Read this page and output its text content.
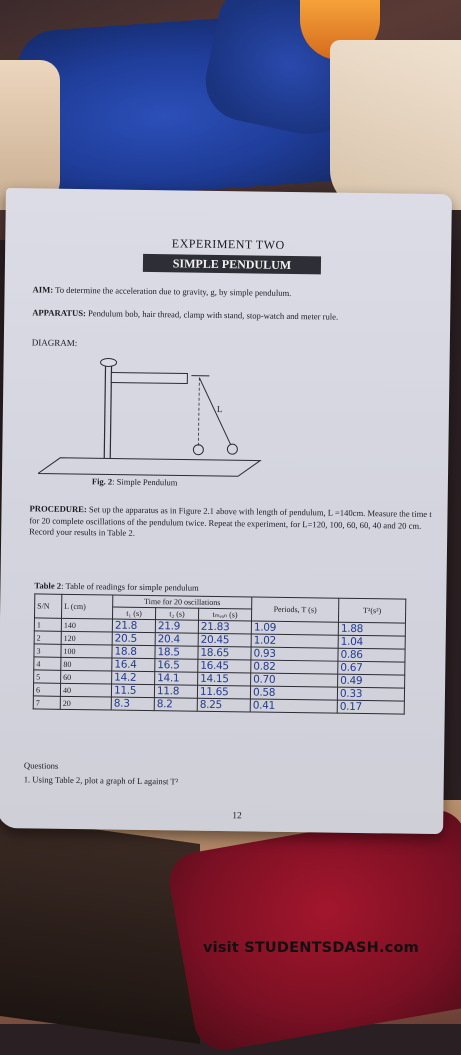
EXPERIMENT TWO
SIMPLE PENDULUM
AIM: To determine the acceleration due to gravity, g, by simple pendulum.
APPARATUS: Pendulum bob, hair thread, clamp with stand, stop-watch and meter rule.
DIAGRAM:
L
Fig. 2: Simple Pendulum
PROCEDURE: Set up the apparatus as in Figure 2.1 above with length of pendulum, L =140cm. Measure the time t for 20 complete oscillations of the pendulum twice. Repeat the experiment, for L=120, 100, 60, 60, 40 and 20 cm. Record your results in Table 2.
Table 2: Table of readings for simple pendulum
S/N	L (cm)	Time for 20 oscillations			Periods, T (s)	T²(s²)
		t₁ (s)	t₂ (s)	tₘₑₐₙ (s)		
1	140	21.8	21.9	21.83	1.09	1.88
2	120	20.5	20.4	20.45	1.02	1.04
3	100	18.8	18.5	18.65	0.93	0.86
4	80	16.4	16.5	16.45	0.82	0.67
5	60	14.2	14.1	14.15	0.70	0.49
6	40	11.5	11.8	11.65	0.58	0.33
7	20	8.3	8.2	8.25	0.41	0.17
Questions
1. Using Table 2, plot a graph of L against T²
12
visit STUDENTSDASH.com
